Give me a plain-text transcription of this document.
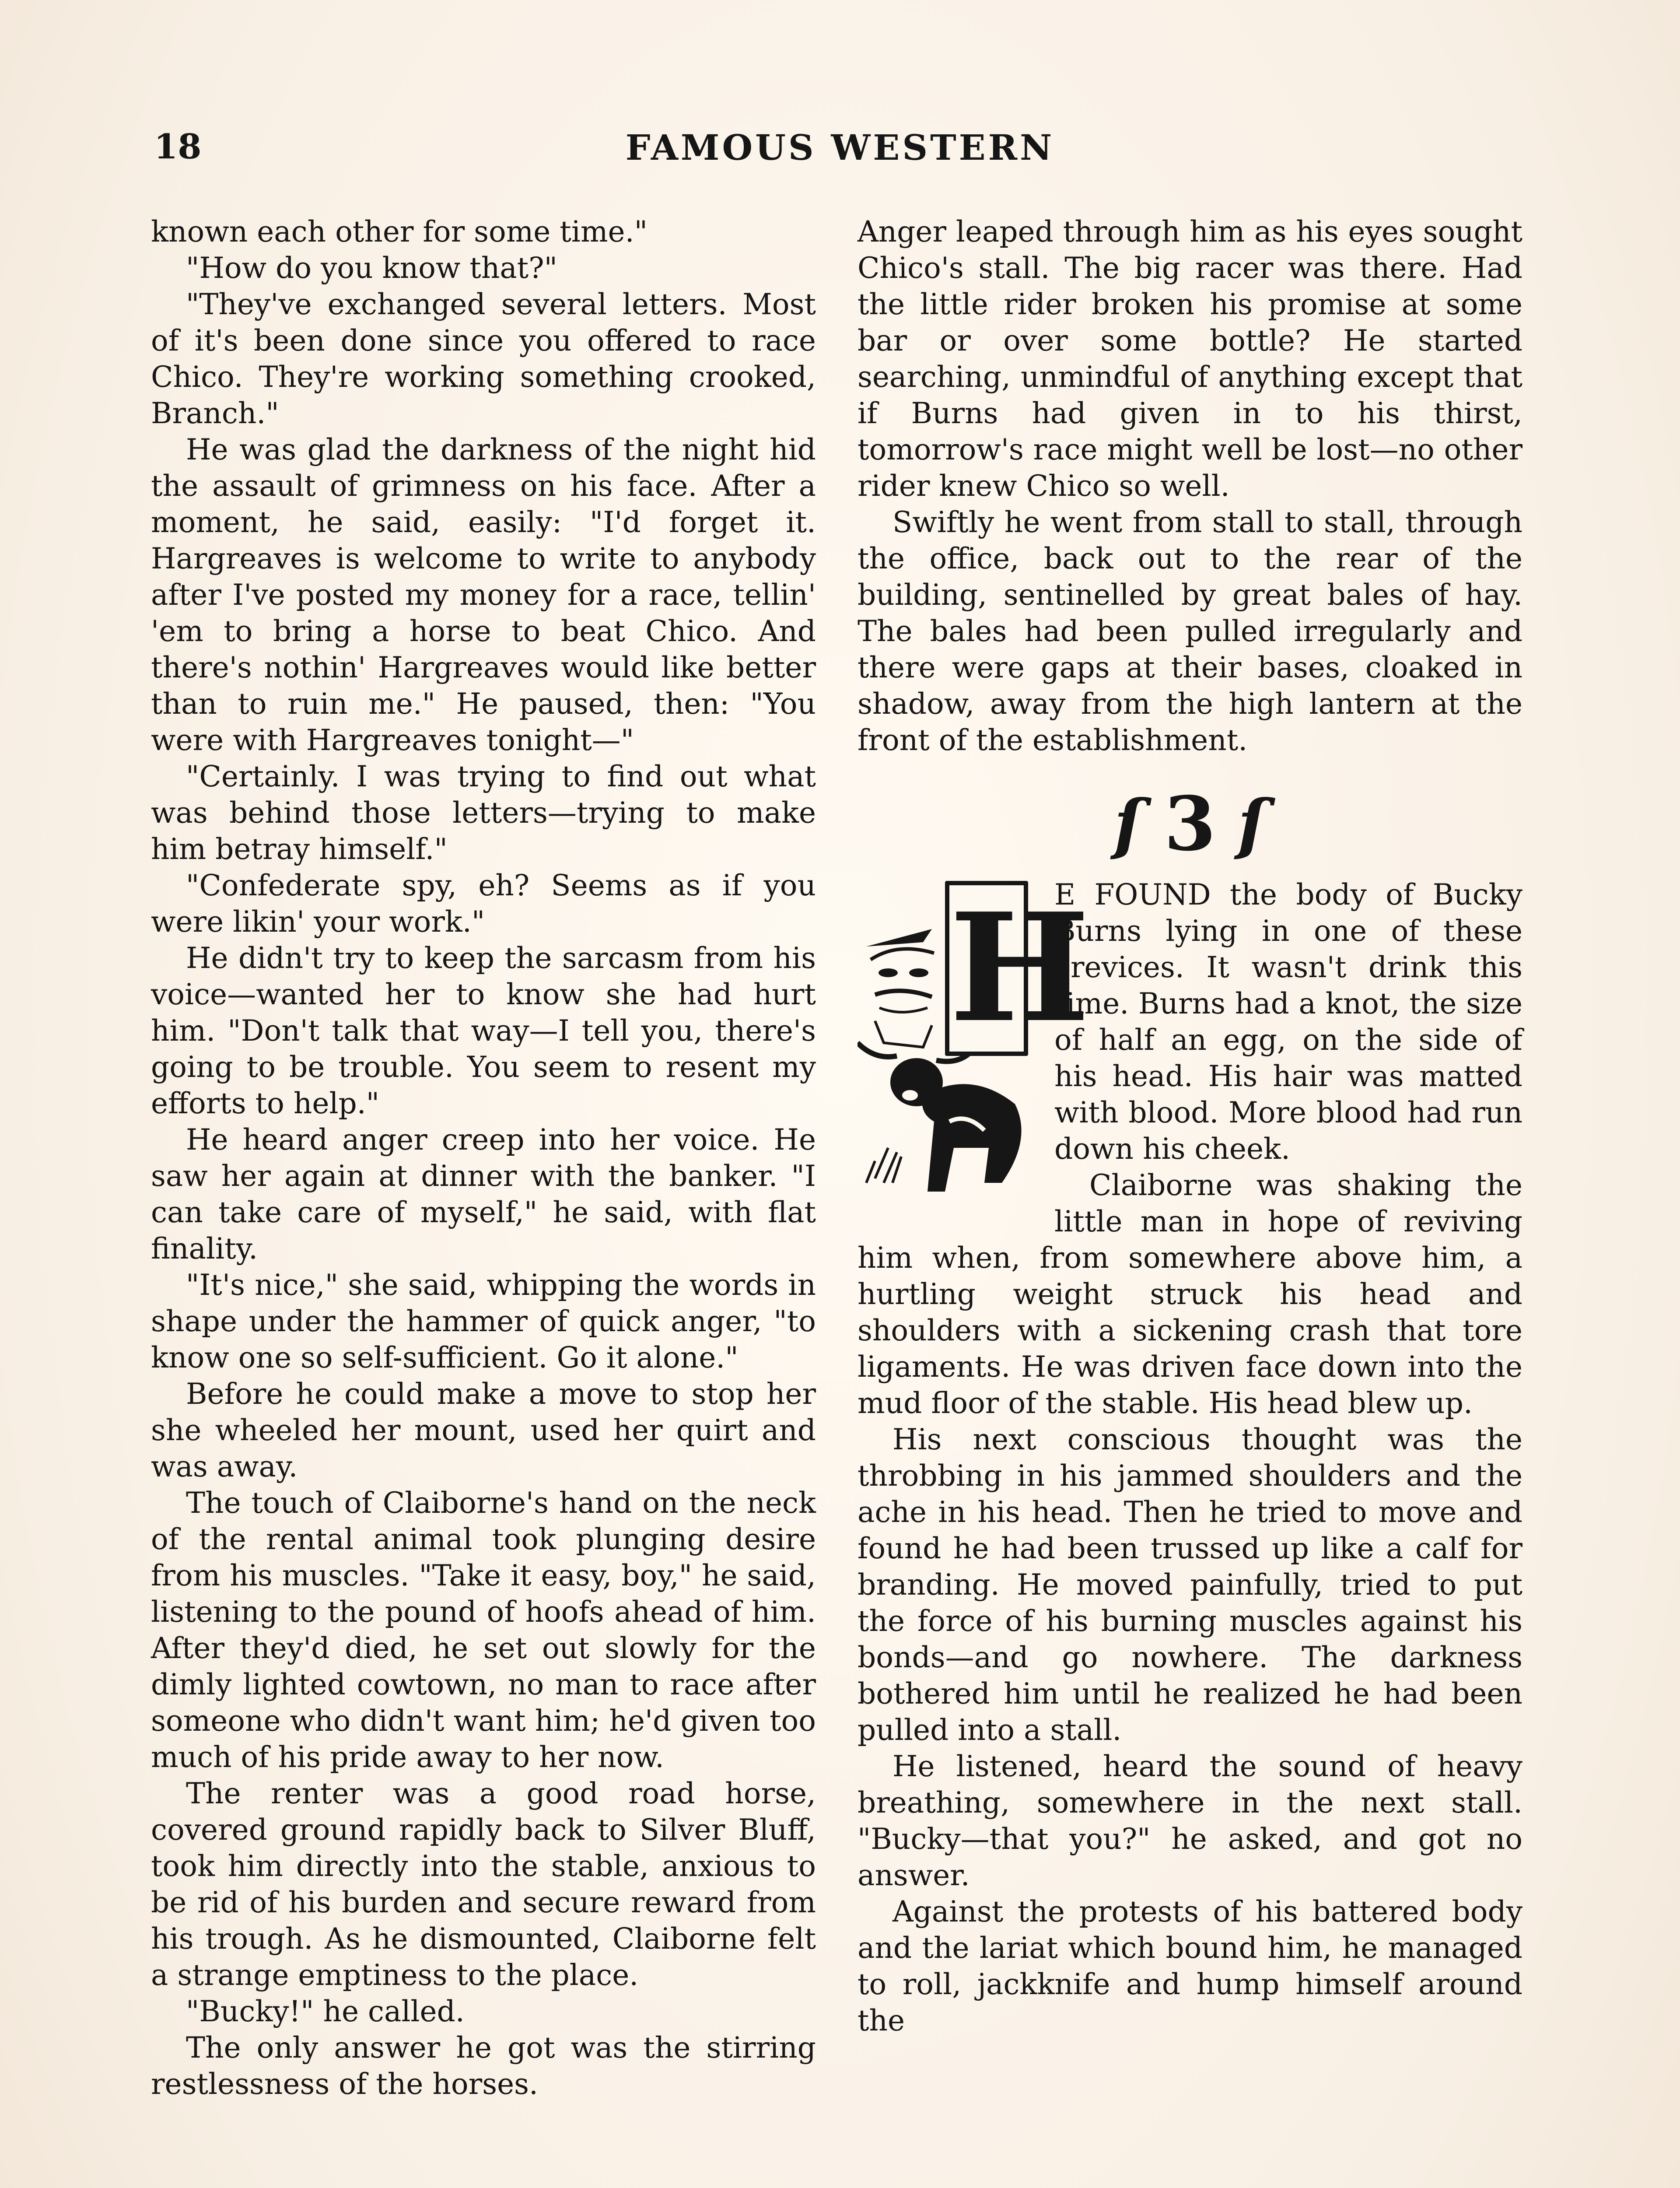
18	FAMOUS WESTERN

known each other for some time."

"How do you know that?"

"They've exchanged several letters. Most of it's been done since you offered to race Chico. They're working something crooked, Branch."

He was glad the darkness of the night hid the assault of grimness on his face. After a moment, he said, easily: "I'd forget it. Hargreaves is welcome to write to anybody after I've posted my money for a race, tellin' 'em to bring a horse to beat Chico. And there's nothin' Hargreaves would like better than to ruin me." He paused, then: "You were with Hargreaves tonight—"

"Certainly. I was trying to find out what was behind those letters—trying to make him betray himself."

"Confederate spy, eh? Seems as if you were likin' your work."

He didn't try to keep the sarcasm from his voice—wanted her to know she had hurt him. "Don't talk that way—I tell you, there's going to be trouble. You seem to resent my efforts to help."

He heard anger creep into her voice. He saw her again at dinner with the banker. "I can take care of myself," he said, with flat finality.

"It's nice," she said, whipping the words in shape under the hammer of quick anger, "to know one so self-sufficient. Go it alone."

Before he could make a move to stop her she wheeled her mount, used her quirt and was away.

The touch of Claiborne's hand on the neck of the rental animal took plunging desire from his muscles. "Take it easy, boy," he said, listening to the pound of hoofs ahead of him. After they'd died, he set out slowly for the dimly lighted cowtown, no man to race after someone who didn't want him; he'd given too much of his pride away to her now.

The renter was a good road horse, covered ground rapidly back to Silver Bluff, took him directly into the stable, anxious to be rid of his burden and secure reward from his trough. As he dismounted, Claiborne felt a strange emptiness to the place.

"Bucky!" he called.

The only answer he got was the stirring restlessness of the horses.

Anger leaped through him as his eyes sought Chico's stall. The big racer was there. Had the little rider broken his promise at some bar or over some bottle? He started searching, unmindful of anything except that if Burns had given in to his thirst, tomorrow's race might well be lost—no other rider knew Chico so well.

Swiftly he went from stall to stall, through the office, back out to the rear of the building, sentinelled by great bales of hay. The bales had been pulled irregularly and there were gaps at their bases, cloaked in shadow, away from the high lantern at the front of the establishment.

ſ 3 ſ
H

E FOUND the body of Bucky Burns lying in one of these crevices. It wasn't drink this time. Burns had a knot, the size of half an egg, on the side of his head. His hair was matted with blood. More blood had run down his cheek.

Claiborne was shaking the little man in hope of reviving him when, from somewhere above him, a hurtling weight struck his head and shoulders with a sickening crash that tore ligaments. He was driven face down into the mud floor of the stable. His head blew up.

His next conscious thought was the throbbing in his jammed shoulders and the ache in his head. Then he tried to move and found he had been trussed up like a calf for branding. He moved painfully, tried to put the force of his burning muscles against his bonds—and go nowhere. The darkness bothered him until he realized he had been pulled into a stall.

He listened, heard the sound of heavy breathing, somewhere in the next stall. "Bucky—that you?" he asked, and got no answer.

Against the protests of his battered body and the lariat which bound him, he managed to roll, jackknife and hump himself around the
